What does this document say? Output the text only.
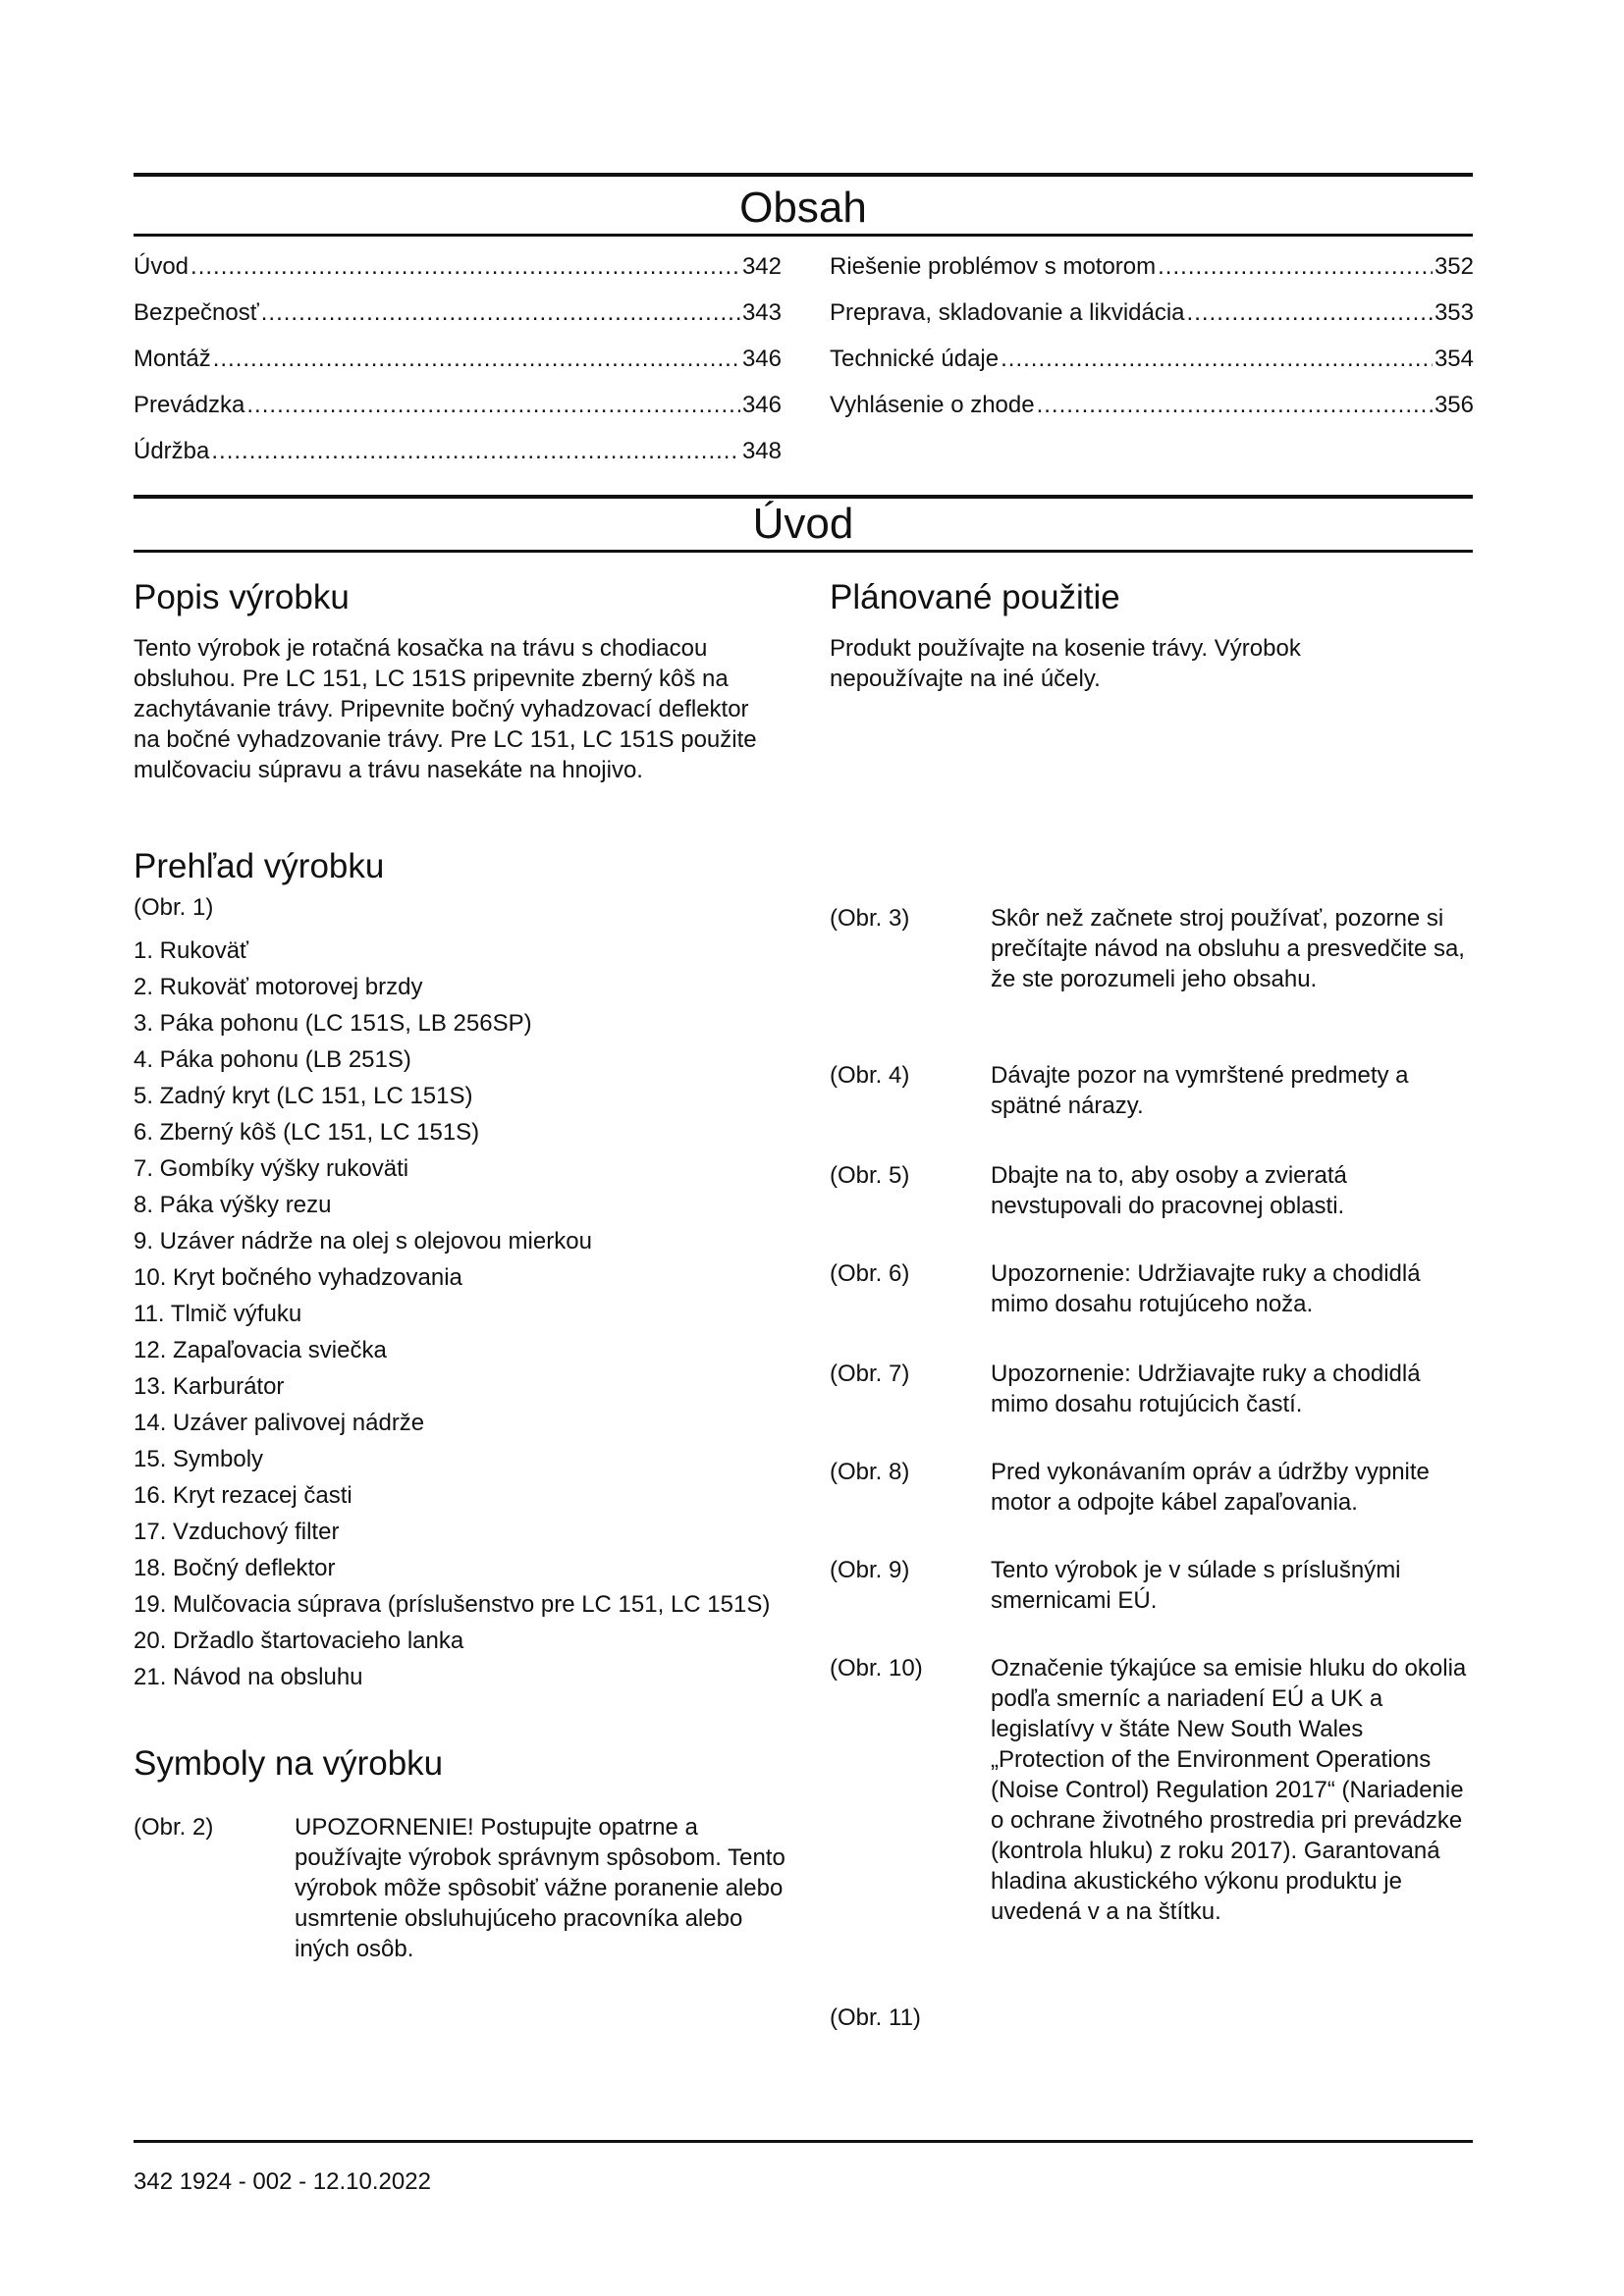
Obsah
Úvod .....	342
Bezpečnosť .....	343
Montáž .....	346
Prevádzka .....	346
Údržba .....	348
Riešenie problémov s motorom .....	352
Preprava, skladovanie a likvidácia .....	353
Technické údaje .....	354
Vyhlásenie o zhode .....	356
Úvod
Popis výrobku

Tento výrobok je rotačná kosačka na trávu s chodiacou obsluhou. Pre LC 151, LC 151S pripevnite zberný kôš na zachytávanie trávy. Pripevnite bočný vyhadzovací deflektor na bočné vyhadzovanie trávy. Pre LC 151, LC 151S použite mulčovaciu súpravu a trávu nasekáte na hnojivo.

Plánované použitie

Produkt používajte na kosenie trávy. Výrobok nepoužívajte na iné účely.

Prehľad výrobku
(Obr. 1)
1. Rukoväť
2. Rukoväť motorovej brzdy
3. Páka pohonu (LC 151S, LB 256SP)
4. Páka pohonu (LB 251S)
5. Zadný kryt (LC 151, LC 151S)
6. Zberný kôš (LC 151, LC 151S)
7. Gombíky výšky rukoväti
8. Páka výšky rezu
9. Uzáver nádrže na olej s olejovou mierkou
10. Kryt bočného vyhadzovania
11. Tlmič výfuku
12. Zapaľovacia sviečka
13. Karburátor
14. Uzáver palivovej nádrže
15. Symboly
16. Kryt rezacej časti
17. Vzduchový filter
18. Bočný deflektor
19. Mulčovacia súprava (príslušenstvo pre LC 151, LC 151S)
20. Držadlo štartovacieho lanka
21. Návod na obsluhu
Symboly na výrobku
(Obr. 2)	UPOZORNENIE! Postupujte opatrne a používajte výrobok správnym spôsobom. Tento výrobok môže spôsobiť vážne poranenie alebo usmrtenie obsluhujúceho pracovníka alebo iných osôb.
(Obr. 3)	Skôr než začnete stroj používať, pozorne si prečítajte návod na obsluhu a presvedčite sa, že ste porozumeli jeho obsahu.
(Obr. 4)	Dávajte pozor na vymrštené predmety a spätné nárazy.
(Obr. 5)	Dbajte na to, aby osoby a zvieratá nevstupovali do pracovnej oblasti.
(Obr. 6)	Upozornenie: Udržiavajte ruky a chodidlá mimo dosahu rotujúceho noža.
(Obr. 7)	Upozornenie: Udržiavajte ruky a chodidlá mimo dosahu rotujúcich častí.
(Obr. 8)	Pred vykonávaním opráv a údržby vypnite motor a odpojte kábel zapaľovania.
(Obr. 9)	Tento výrobok je v súlade s príslušnými smernicami EÚ.
(Obr. 10)	Označenie týkajúce sa emisie hluku do okolia podľa smerníc a nariadení EÚ a UK a legislatívy v štáte New South Wales „Protection of the Environment Operations (Noise Control) Regulation 2017“ (Nariadenie o ochrane životného prostredia pri prevádzke (kontrola hluku) z roku 2017). Garantovaná hladina akustického výkonu produktu je uvedená v a na štítku.
(Obr. 11)
342 1924 - 002 - 12.10.2022
